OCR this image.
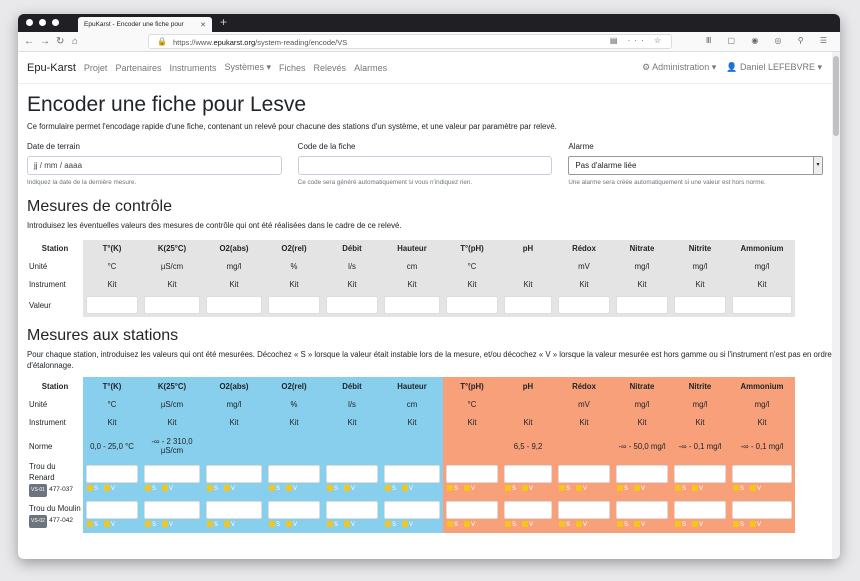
EpuKarst - Encoder une fiche pour ✕ +
← → ↻ ⌂	🔒 https://www.epukarst.org/system-reading/encode/VS	▤ ··· ☆	Ⅲ ▢ ◉ ◎ ⚲ ☰
Epu-Karst Projet Partenaires Instruments Systèmes ▾ Fiches Relevés Alarmes	⚙ Administration ▾ 👤 Daniel LEFEBVRE ▾
Encoder une fiche pour Lesve

Ce formulaire permet l'encodage rapide d'une fiche, contenant un relevé pour chacune des stations d'un système, et une valeur par paramètre par relevé.

Date de terrain
jj / mm / aaaa
Indiquez la date de la dernière mesure.
Code de la fiche
Ce code sera généré automatiquement si vous n'indiquez rien.
Alarme
Pas d'alarme liée ▾
Une alarme sera créée automatiquement si une valeur est hors norme.
Mesures de contrôle

Introduisez les éventuelles valeurs des mesures de contrôle qui ont été réalisées dans le cadre de ce relevé.

Station	T°(K)	K(25°C)	O2(abs)	O2(rel)	Débit	Hauteur	T°(pH)	pH	Rédox	Nitrate	Nitrite	Ammonium
Unité	°C	µS/cm	mg/l	%	l/s	cm	°C		mV	mg/l	mg/l	mg/l
Instrument	Kit	Kit	Kit	Kit	Kit	Kit	Kit	Kit	Kit	Kit	Kit	Kit
Valeur	

Mesures aux stations

Pour chaque station, introduisez les valeurs qui ont été mesurées. Décochez « S » lorsque la valeur était instable lors de la mesure, et/ou décochez « V » lorsque la valeur mesurée est hors gamme ou si l'instrument n'est pas en ordre d'étalonnage.

Station	T°(K)	K(25°C)	O2(abs)	O2(rel)	Débit	Hauteur	T°(pH)	pH	Rédox	Nitrate	Nitrite	Ammonium
Unité	°C	µS/cm	mg/l	%	l/s	cm	°C		mV	mg/l	mg/l	mg/l
Instrument	Kit	Kit	Kit	Kit	Kit	Kit	Kit	Kit	Kit	Kit	Kit	Kit
Norme	0,0 - 25,0 °C	-∞ - 2 310,0 µS/cm						6,5 - 9,2		-∞ - 50,0 mg/l	-∞ - 0,1 mg/l	-∞ - 0,1 mg/l

Trou du Renard
VS-01 477-037	S V	S V	S V	S V	S V	S V	S V	S V	S V	S V	S V	S V

Trou du Moulin
VS-02 477-042	S V	S V	S V	S V	S V	S V	S V	S V	S V	S V	S V	S V
